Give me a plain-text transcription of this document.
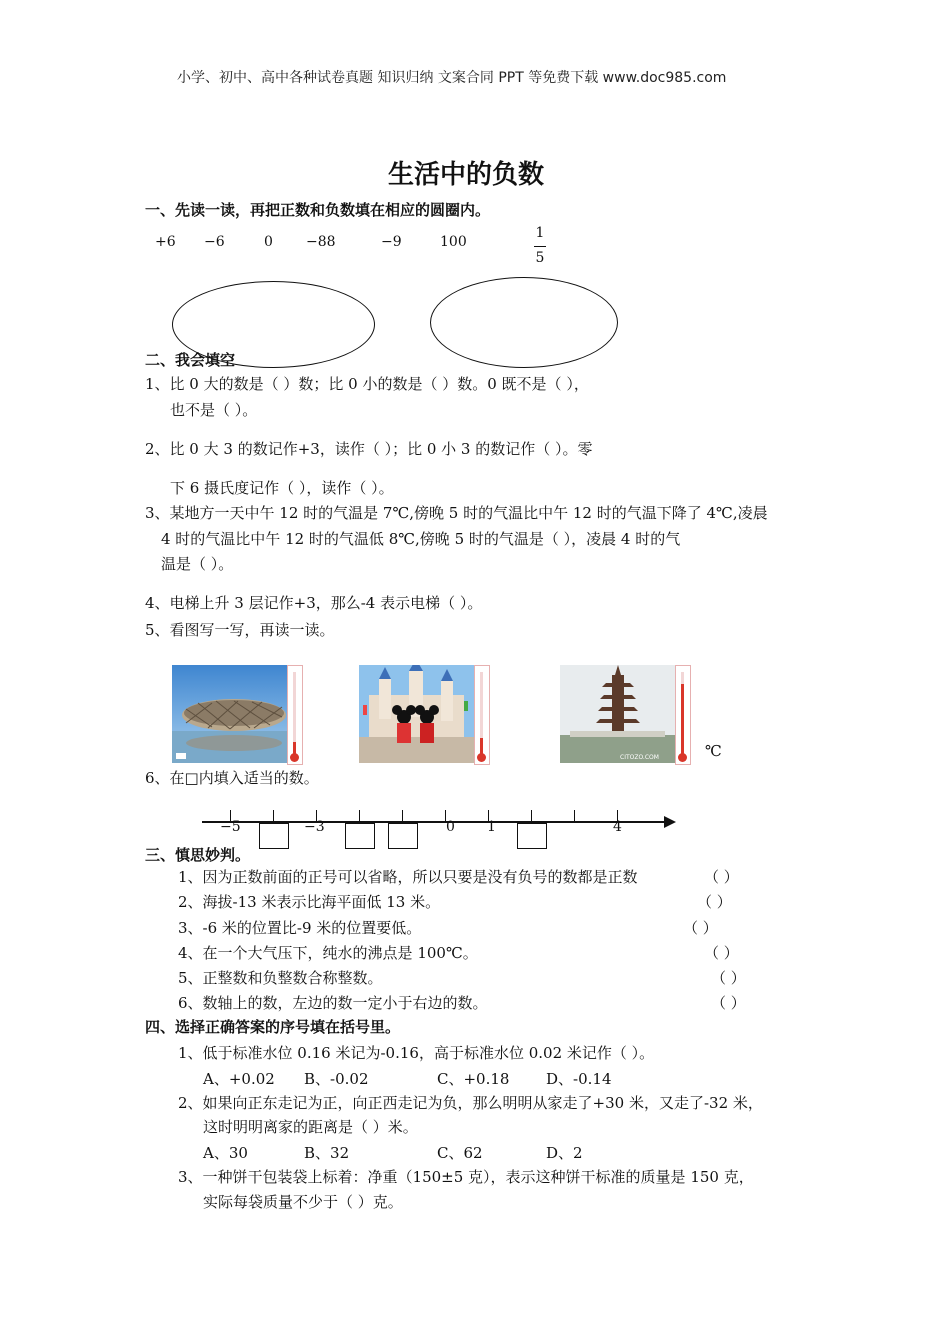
小学、初中、高中各种试卷真题 知识归纳 文案合同 PPT 等免费下载 www.doc985.com
生活中的负数
一、先读一读，再把正数和负数填在相应的圆圈内。
+6 −6	0 −88	−9	100
1
5
二、我会填空
1、比 0 大的数是（ ）数；比 0 小的数是（ ）数。0 既不是（ ），
也不是（ ）。
2、比 0 大 3 的数记作+3，读作（ ）；比 0 小 3 的数记作（ ）。零
下 6 摄氏度记作（ ），读作（ ）。
3、某地方一天中午 12 时的气温是 7℃,傍晚 5 时的气温比中午 12 时的气温下降了 4℃,凌晨
4 时的气温比中午 12 时的气温低 8℃,傍晚 5 时的气温是（ ），凌晨 4 时的气
温是（ ）。
4、电梯上升 3 层记作+3，那么-4 表示电梯（ ）。
5、看图写一写，再读一读。
CITOZO.COM	℃
6、在□内填入适当的数。
−5	−3	0 1	4
三、慎思妙判。
1、因为正数前面的正号可以省略，所以只要是没有负号的数都是正数	（ ）
2、海拔-13 米表示比海平面低 13 米。	（ ）
3、-6 米的位置比-9 米的位置要低。	（ ）
4、在一个大气压下，纯水的沸点是 100℃。	（ ）
5、正整数和负整数合称整数。	（ ）
6、数轴上的数，左边的数一定小于右边的数。	（ ）
四、选择正确答案的序号填在括号里。
1、低于标准水位 0.16 米记为-0.16，高于标准水位 0.02 米记作（ ）。
A、+0.02 B、-0.02	C、+0.18 D、-0.14
2、如果向正东走记为正，向正西走记为负，那么明明从家走了+30 米，又走了-32 米，
这时明明离家的距离是（ ）米。
A、30	B、32	C、62	D、2
3、一种饼干包装袋上标着：净重（150±5 克），表示这种饼干标准的质量是 150 克，
实际每袋质量不少于（ ）克。
